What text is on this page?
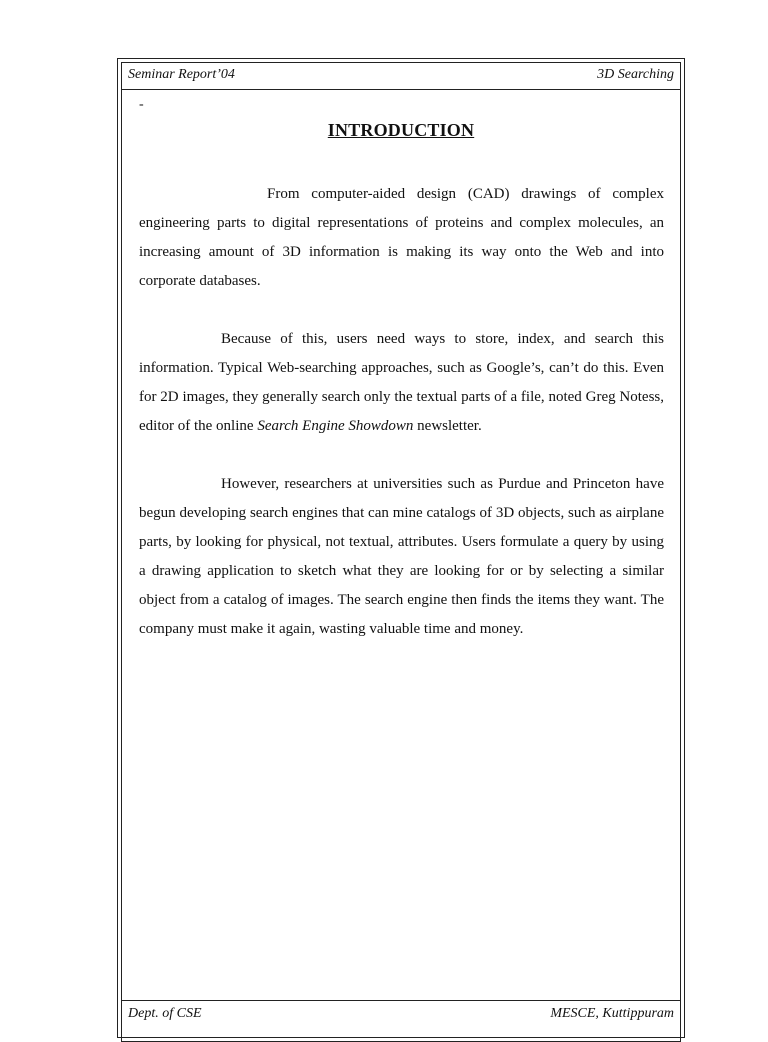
Seminar Report’04	3D Searching
-
INTRODUCTION

From computer-aided design (CAD) drawings of complex engineering parts to digital representations of proteins and complex molecules, an increasing amount of 3D information is making its way onto the Web and into corporate databases.

Because of this, users need ways to store, index, and search this information. Typical Web-searching approaches, such as Google’s, can’t do this. Even for 2D images, they generally search only the textual parts of a file, noted Greg Notess, editor of the online Search Engine Showdown newsletter.

However, researchers at universities such as Purdue and Princeton have begun developing search engines that can mine catalogs of 3D objects, such as airplane parts, by looking for physical, not textual, attributes. Users formulate a query by using a drawing application to sketch what they are looking for or by selecting a similar object from a catalog of images. The search engine then finds the items they want. The company must make it again, wasting valuable time and money.

Dept. of CSE	MESCE, Kuttippuram
